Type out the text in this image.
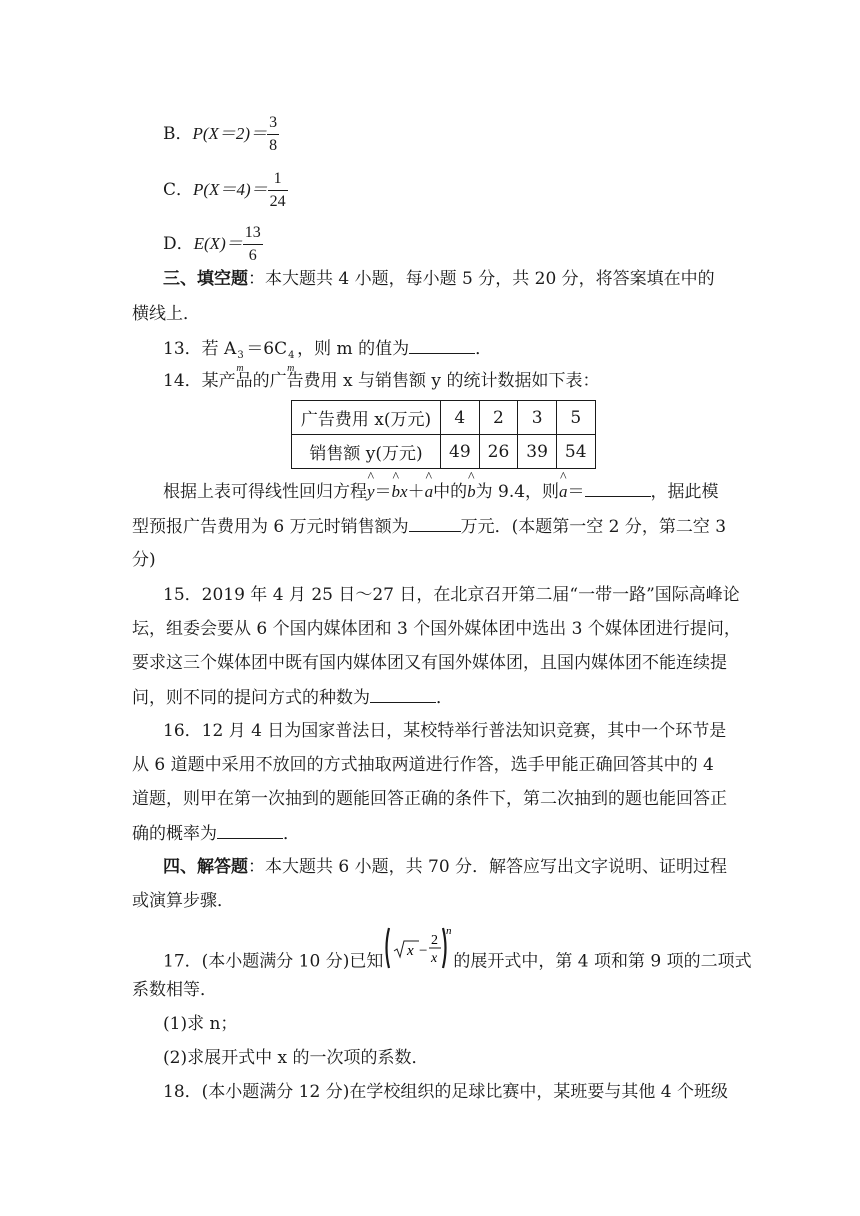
B．$P(X=2)= \frac{3}{8}$
C．$P(X=4)= \frac{1}{24}$
D．$E(X)= \frac{13}{6}$
三、填空题：本大题共 4 小题，每小题 5 分，共 20 分，将答案填在中的
横线上．
13．若 A 3
m
＝6C 4
m
，则 m 的值为	．
14．某产品的广告费用 x 与销售额 y 的统计数据如下表：
广告费用 x(万元)	4	2	3	5
销售额 y(万元)	49	26	39	54
根据上表可得线性回归方程^ y＝^ bx＋^ a中的^ b为 9.4，则^ a＝	，据此模
型预报广告费用为 6 万元时销售额为	万元．(本题第一空 2 分，第二空 3
分)
15．2019 年 4 月 25 日～27 日，在北京召开第二届“一带一路”国际高峰论
坛，组委会要从 6 个国内媒体团和 3 个国外媒体团中选出 3 个媒体团进行提问，
要求这三个媒体团中既有国内媒体团又有国外媒体团，且国内媒体团不能连续提
问，则不同的提问方式的种数为	．
16．12 月 4 日为国家普法日，某校特举行普法知识竞赛，其中一个环节是
从 6 道题中采用不放回的方式抽取两道进行作答，选手甲能正确回答其中的 4
道题，则甲在第一次抽到的题能回答正确的条件下，第二次抽到的题也能回答正
确的概率为	．
四、解答题：本大题共 6 小题，共 70 分．解答应写出文字说明、证明过程
或演算步骤．
17．(本小题满分 10 分)已知
x −
2
x
n
的展开式中，第 4 项和第 9 项的二项式
系数相等．
(1)求 n；
(2)求展开式中 x 的一次项的系数．
18．(本小题满分 12 分)在学校组织的足球比赛中，某班要与其他 4 个班级
